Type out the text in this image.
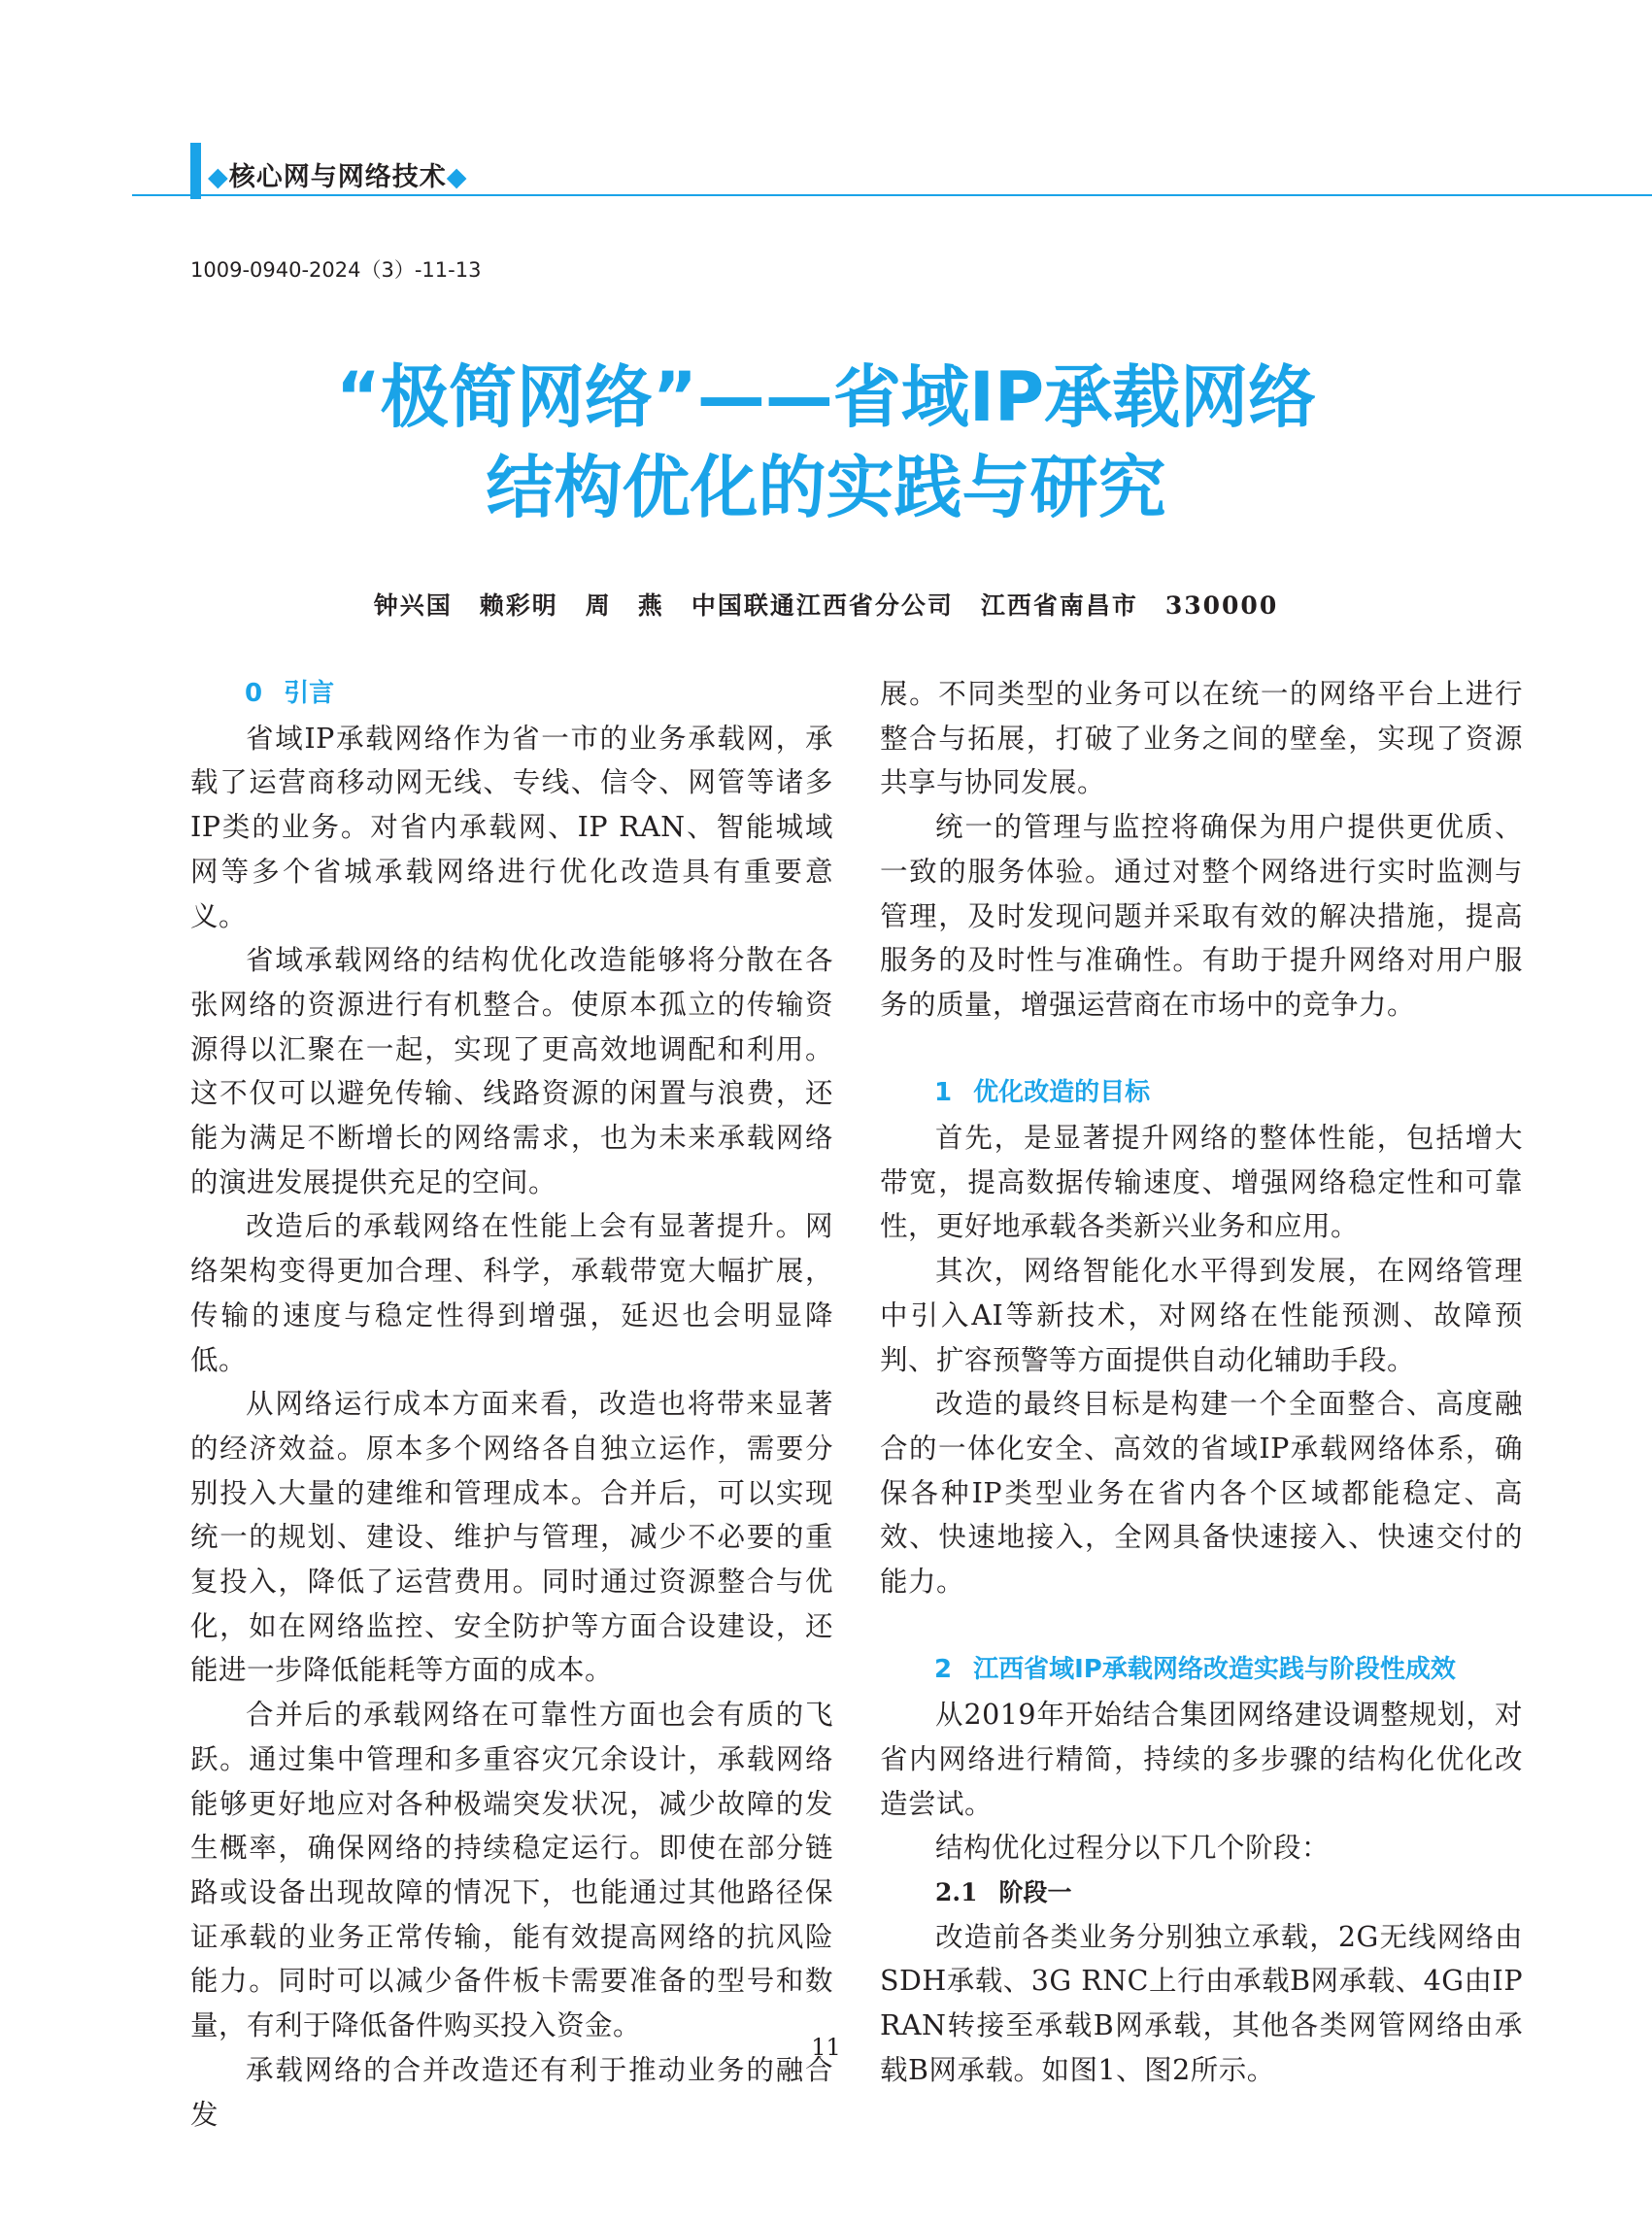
◆核心网与网络技术◆
1009-0940-2024（3）-11-13
“极简网络”——省域IP承载网络
结构优化的实践与研究
钟兴国 赖彩明 周　燕 中国联通江西省分公司 江西省南昌市 330000
0 引言

省域IP承载网络作为省一市的业务承载网，承载了运营商移动网无线、专线、信令、网管等诸多IP类的业务。对省内承载网、IP RAN、智能城域网等多个省城承载网络进行优化改造具有重要意义。

省域承载网络的结构优化改造能够将分散在各张网络的资源进行有机整合。使原本孤立的传输资源得以汇聚在一起，实现了更高效地调配和利用。这不仅可以避免传输、线路资源的闲置与浪费，还能为满足不断增长的网络需求，也为未来承载网络的演进发展提供充足的空间。

改造后的承载网络在性能上会有显著提升。网络架构变得更加合理、科学，承载带宽大幅扩展，传输的速度与稳定性得到增强，延迟也会明显降低。

从网络运行成本方面来看，改造也将带来显著的经济效益。原本多个网络各自独立运作，需要分别投入大量的建维和管理成本。合并后，可以实现统一的规划、建设、维护与管理，减少不必要的重复投入，降低了运营费用。同时通过资源整合与优化，如在网络监控、安全防护等方面合设建设，还能进一步降低能耗等方面的成本。

合并后的承载网络在可靠性方面也会有质的飞跃。通过集中管理和多重容灾冗余设计，承载网络能够更好地应对各种极端突发状况，减少故障的发生概率，确保网络的持续稳定运行。即使在部分链路或设备出现故障的情况下，也能通过其他路径保证承载的业务正常传输，能有效提高网络的抗风险能力。同时可以减少备件板卡需要准备的型号和数量，有利于降低备件购买投入资金。

承载网络的合并改造还有利于推动业务的融合发

展。不同类型的业务可以在统一的网络平台上进行整合与拓展，打破了业务之间的壁垒，实现了资源共享与协同发展。

统一的管理与监控将确保为用户提供更优质、一致的服务体验。通过对整个网络进行实时监测与管理，及时发现问题并采取有效的解决措施，提高服务的及时性与准确性。有助于提升网络对用户服务的质量，增强运营商在市场中的竞争力。

1 优化改造的目标

首先，是显著提升网络的整体性能，包括增大带宽，提高数据传输速度、增强网络稳定性和可靠性，更好地承载各类新兴业务和应用。

其次，网络智能化水平得到发展，在网络管理中引入AI等新技术，对网络在性能预测、故障预判、扩容预警等方面提供自动化辅助手段。

改造的最终目标是构建一个全面整合、高度融合的一体化安全、高效的省域IP承载网络体系，确保各种IP类型业务在省内各个区域都能稳定、高效、快速地接入，全网具备快速接入、快速交付的能力。

2 江西省域IP承载网络改造实践与阶段性成效

从2019年开始结合集团网络建设调整规划，对省内网络进行精简，持续的多步骤的结构化优化改造尝试。

结构优化过程分以下几个阶段：

2.1 阶段一

改造前各类业务分别独立承载，2G无线网络由SDH承载、3G RNC上行由承载B网承载、4G由IP RAN转接至承载B网承载，其他各类网管网络由承载B网承载。如图1、图2所示。

11
